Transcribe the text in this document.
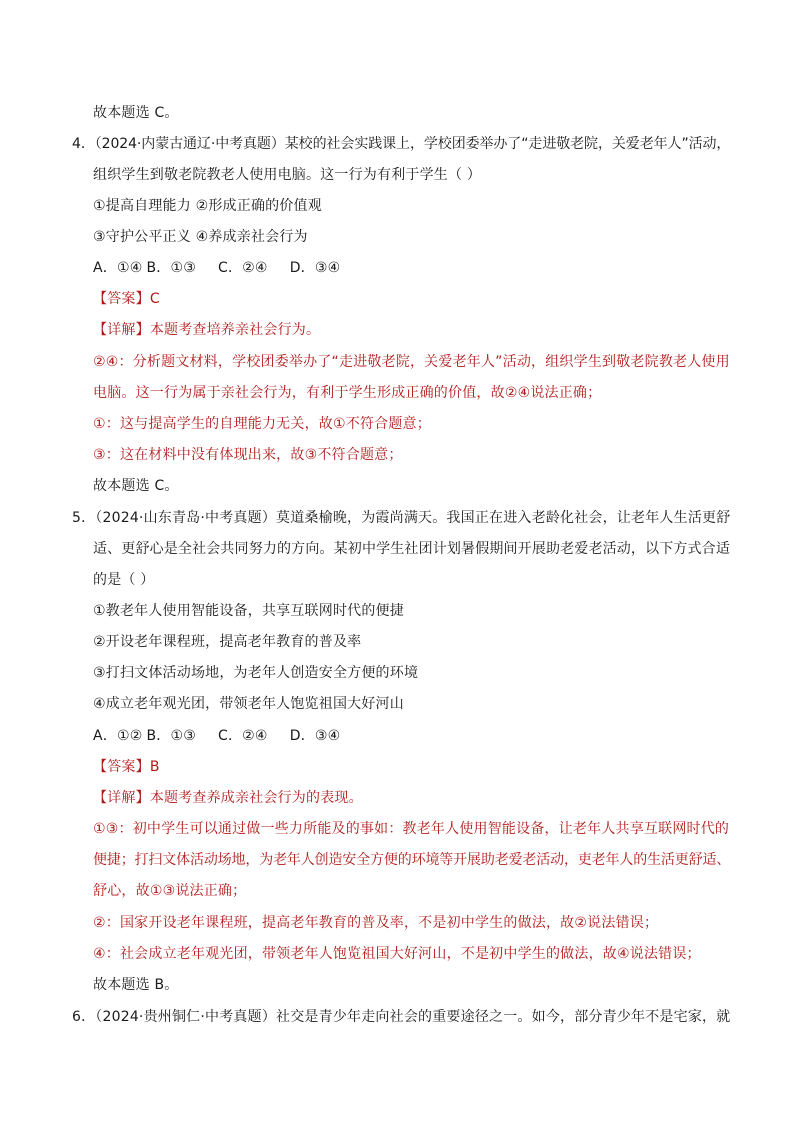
故本题选 C。
4．（2024·内蒙古通辽·中考真题）某校的社会实践课上，学校团委举办了“走进敬老院，关爱老年人”活动，
组织学生到敬老院教老人使用电脑。这一行为有利于学生（ ）
①提高自理能力 ②形成正确的价值观
③守护公平正义 ④养成亲社会行为
A．①④ B．①③ C．②④ D．③④
【答案】C
【详解】本题考查培养亲社会行为。
②④：分析题文材料，学校团委举办了“走进敬老院，关爱老年人”活动，组织学生到敬老院教老人使用
电脑。这一行为属于亲社会行为，有利于学生形成正确的价值，故②④说法正确；
①：这与提高学生的自理能力无关，故①不符合题意；
③：这在材料中没有体现出来，故③不符合题意；
故本题选 C。
5．（2024·山东青岛·中考真题）莫道桑榆晚，为霞尚满天。我国正在进入老龄化社会，让老年人生活更舒
适、更舒心是全社会共同努力的方向。某初中学生社团计划暑假期间开展助老爱老活动，以下方式合适
的是（ ）
①教老年人使用智能设备，共享互联网时代的便捷
②开设老年课程班，提高老年教育的普及率
③打扫文体活动场地，为老年人创造安全方便的环境
④成立老年观光团，带领老年人饱览祖国大好河山
A．①② B．①③ C．②④ D．③④
【答案】B
【详解】本题考查养成亲社会行为的表现。
①③：初中学生可以通过做一些力所能及的事如：教老年人使用智能设备，让老年人共享互联网时代的
便捷；打扫文体活动场地，为老年人创造安全方便的环境等开展助老爱老活动，吏老年人的生活更舒适、
舒心，故①③说法正确；
②：国家开设老年课程班，提高老年教育的普及率，不是初中学生的做法，故②说法错误；
④：社会成立老年观光团，带领老年人饱览祖国大好河山，不是初中学生的做法，故④说法错误；
故本题选 B。
6．（2024·贵州铜仁·中考真题）社交是青少年走向社会的重要途径之一。如今，部分青少年不是宅家，就
